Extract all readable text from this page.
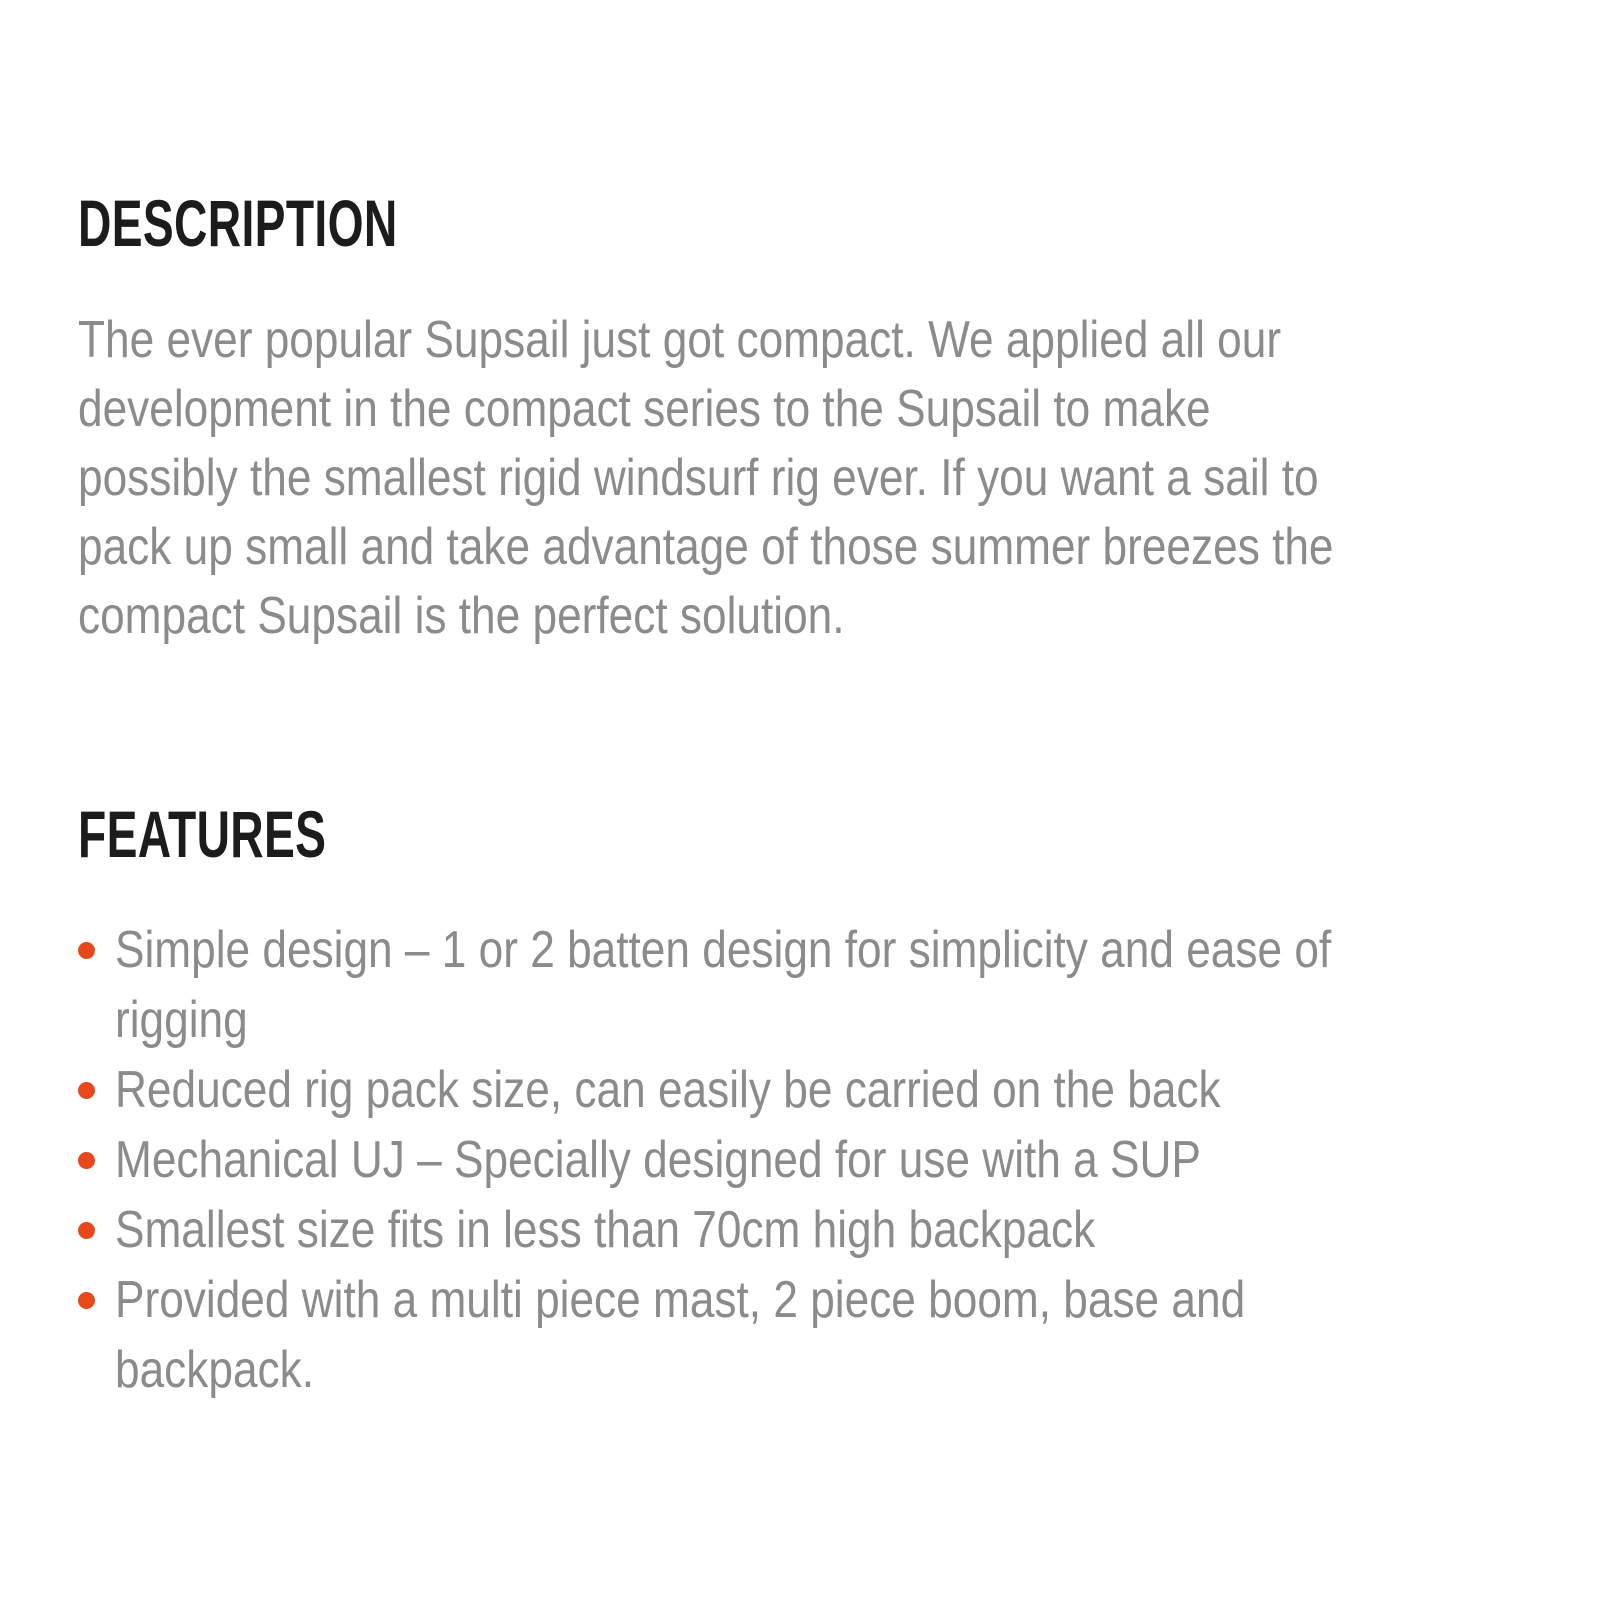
DESCRIPTION
The ever popular Supsail just got compact. We applied all our
development in the compact series to the Supsail to make
possibly the smallest rigid windsurf rig ever. If you want a sail to
pack up small and take advantage of those summer breezes the
compact Supsail is the perfect solution.
FEATURES
Simple design – 1 or 2 batten design for simplicity and ease of
rigging
Reduced rig pack size, can easily be carried on the back
Mechanical UJ – Specially designed for use with a SUP
Smallest size fits in less than 70cm high backpack
Provided with a multi piece mast, 2 piece boom, base and
backpack.
